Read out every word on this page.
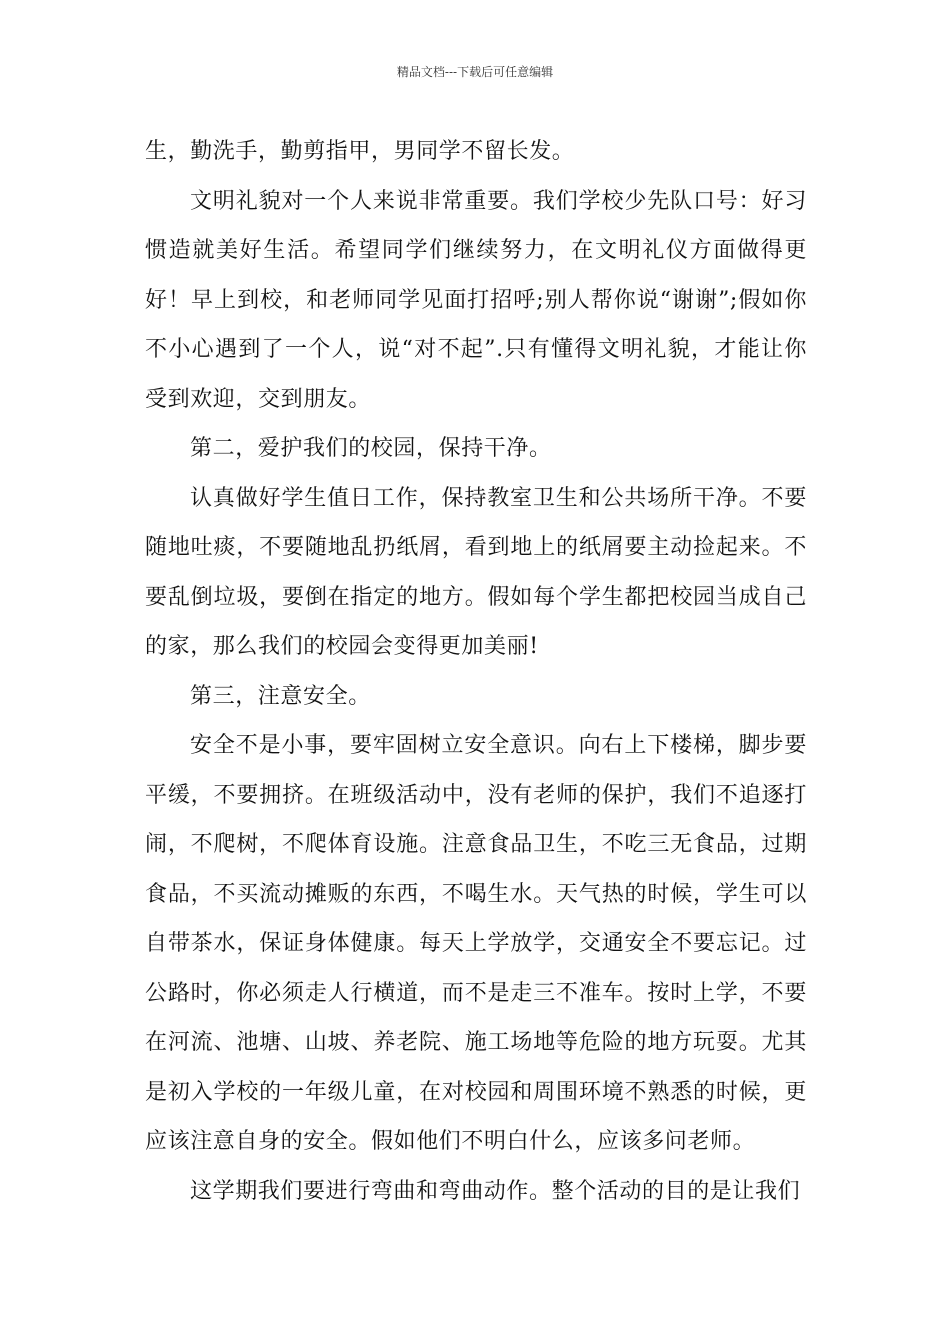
精品文档---下载后可任意编辑

生，勤洗手，勤剪指甲，男同学不留长发。

文明礼貌对一个人来说非常重要。我们学校少先队口号：好习惯造就美好生活。希望同学们继续努力，在文明礼仪方面做得更好！早上到校，和老师同学见面打招呼;别人帮你说“谢谢”;假如你不小心遇到了一个人，说“对不起”.只有懂得文明礼貌，才能让你受到欢迎，交到朋友。

第二，爱护我们的校园，保持干净。

认真做好学生值日工作，保持教室卫生和公共场所干净。不要随地吐痰，不要随地乱扔纸屑，看到地上的纸屑要主动捡起来。不要乱倒垃圾，要倒在指定的地方。假如每个学生都把校园当成自己的家，那么我们的校园会变得更加美丽!

第三，注意安全。

安全不是小事，要牢固树立安全意识。向右上下楼梯，脚步要平缓，不要拥挤。在班级活动中，没有老师的保护，我们不追逐打闹，不爬树，不爬体育设施。注意食品卫生，不吃三无食品，过期食品，不买流动摊贩的东西，不喝生水。天气热的时候，学生可以自带茶水，保证身体健康。每天上学放学，交通安全不要忘记。过公路时，你必须走人行横道，而不是走三不准车。按时上学，不要在河流、池塘、山坡、养老院、施工场地等危险的地方玩耍。尤其是初入学校的一年级儿童，在对校园和周围环境不熟悉的时候，更应该注意自身的安全。假如他们不明白什么，应该多问老师。

这学期我们要进行弯曲和弯曲动作。整个活动的目的是让我们
